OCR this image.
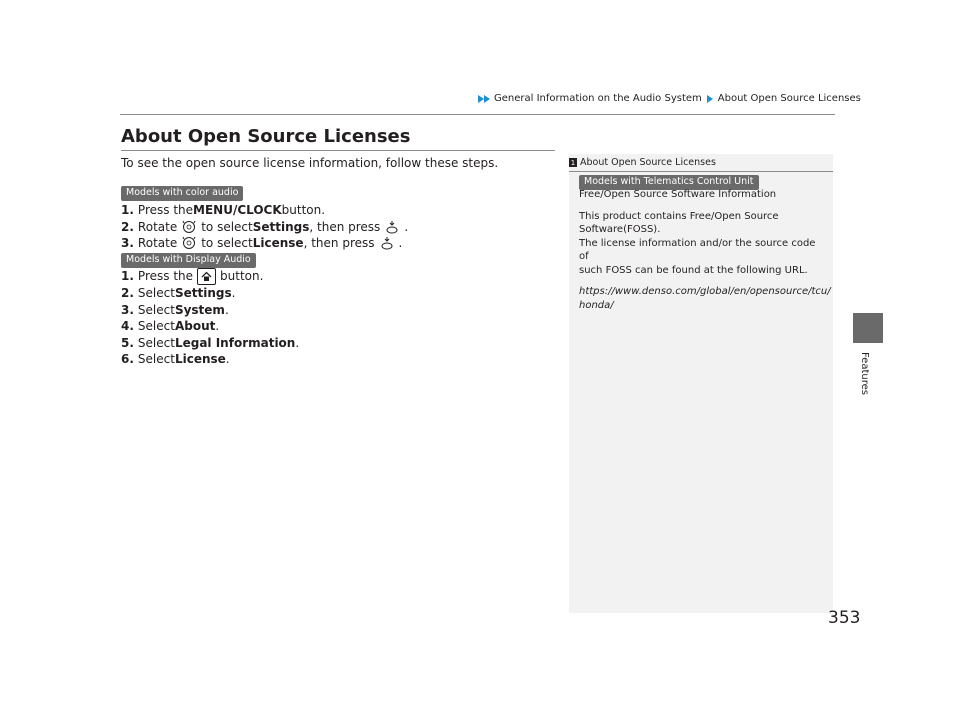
General Information on the Audio System About Open Source Licenses
About Open Source Licenses
To see the open source license information, follow these steps.
Models with color audio
1. Press the MENU/CLOCK button.
2. Rotate to select Settings , then press .
3. Rotate to select License , then press .
Models with Display Audio
1. Press the button.
2. Select Settings .
3. Select System .
4. Select About .
5. Select Legal Information .
6. Select License .
1 About Open Source Licenses
Models with Telematics Control Unit

Free/Open Source Software Information

This product contains Free/Open Source
Software(FOSS).
The license information and/or the source code of
such FOSS can be found at the following URL.

https://www.denso.com/global/en/opensource/tcu/
honda/

Features
353
